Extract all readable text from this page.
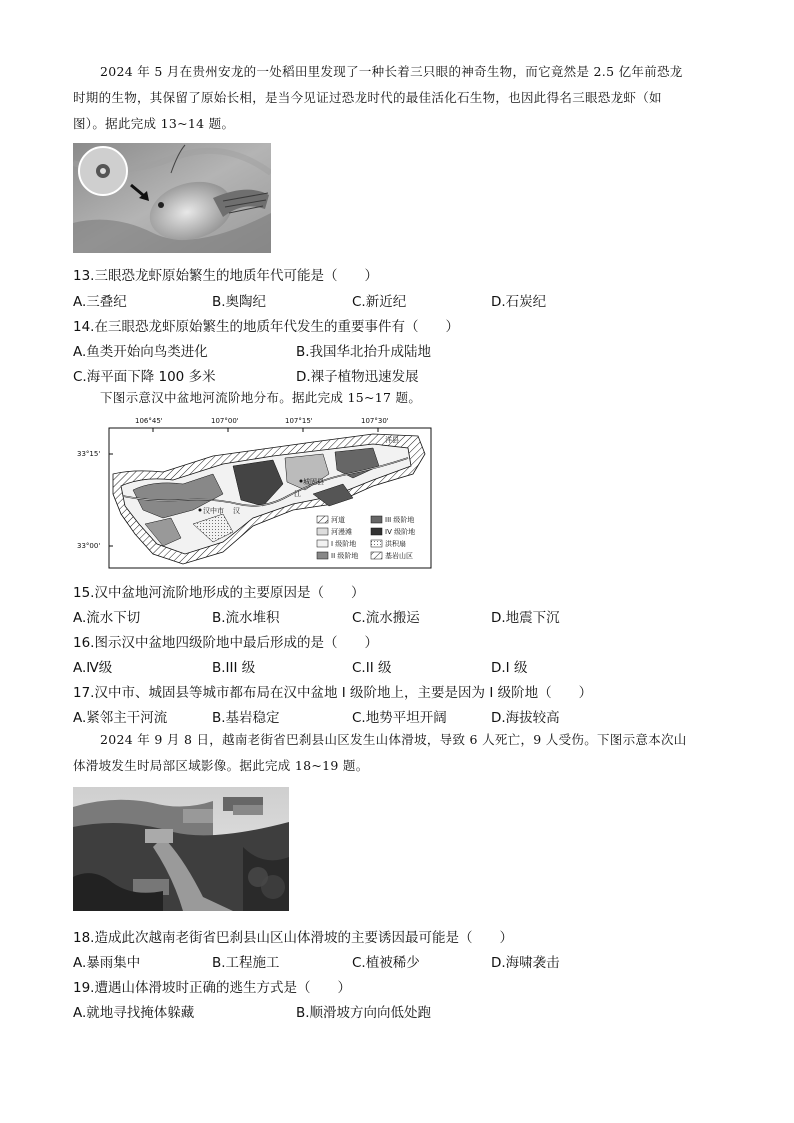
2024 年 5 月在贵州安龙的一处稻田里发现了一种长着三只眼的神奇生物，而它竟然是 2.5 亿年前恐龙
时期的生物，其保留了原始长相，是当今见证过恐龙时代的最佳活化石生物，也因此得名三眼恐龙虾（如
图）。据此完成 13~14 题。
13.三眼恐龙虾原始繁生的地质年代可能是（　　）
A.三叠纪	B.奥陶纪	C.新近纪	D.石炭纪
14.在三眼恐龙虾原始繁生的地质年代发生的重要事件有（　　）
A.鱼类开始向鸟类进化	B.我国华北抬升成陆地
C.海平面下降 100 多米	D.裸子植物迅速发展
下图示意汉中盆地河流阶地分布。据此完成 15~17 题。
106°45'	107°00'	107°15'	107°30'
33°15'
33°00'
汉中市
城固县
汉
江
洋县
河道
河漫滩
I 级阶地
II 级阶地
III 级阶地
IV 级阶地
洪积扇
基岩山区
15.汉中盆地河流阶地形成的主要原因是（　　）
A.流水下切	B.流水堆积	C.流水搬运	D.地震下沉
16.图示汉中盆地四级阶地中最后形成的是（　　）
A.Ⅳ级	B.III 级	C.II 级	D.I 级
17.汉中市、城固县等城市都布局在汉中盆地 I 级阶地上，主要是因为 I 级阶地（　　）
A.紧邻主干河流	B.基岩稳定	C.地势平坦开阔	D.海拔较高
2024 年 9 月 8 日，越南老街省巴刹县山区发生山体滑坡，导致 6 人死亡，9 人受伤。下图示意本次山
体滑坡发生时局部区域影像。据此完成 18~19 题。
18.造成此次越南老街省巴刹县山区山体滑坡的主要诱因最可能是（　　）
A.暴雨集中	B.工程施工	C.植被稀少	D.海啸袭击
19.遭遇山体滑坡时正确的逃生方式是（　　）
A.就地寻找掩体躲藏	B.顺滑坡方向向低处跑
